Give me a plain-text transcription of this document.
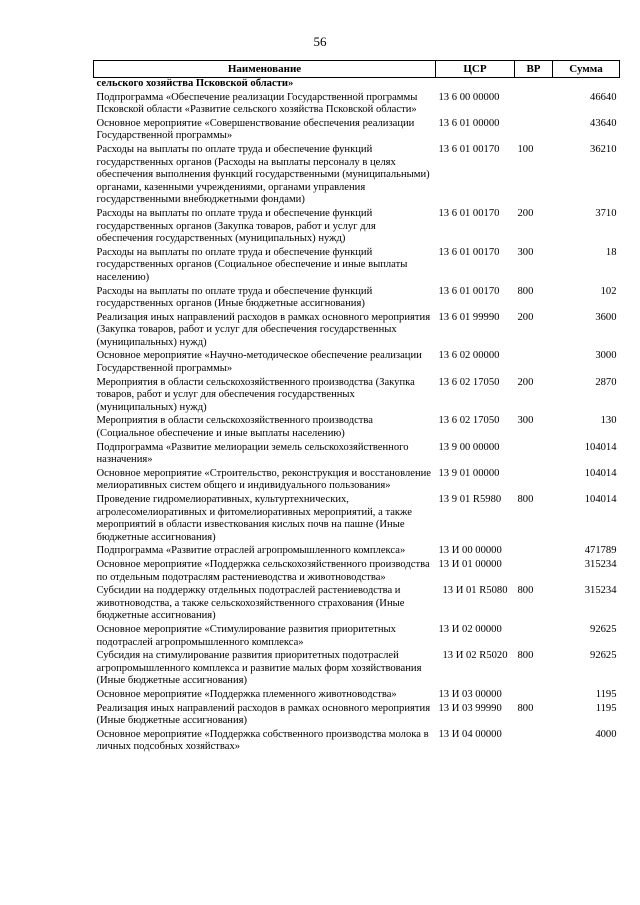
56
Наименование	ЦСР	ВР	Сумма
сельского хозяйства Псковской области»			
Подпрограмма «Обеспечение реализации Государственной программы Псковской области «Развитие сельского хозяйства Псковской области»	13 6 00 00000		46640
Основное мероприятие «Совершенствование обеспечения реализации Государственной программы»	13 6 01 00000		43640
Расходы на выплаты по оплате труда и обеспечение функций государственных органов (Расходы на выплаты персоналу в целях обеспечения выполнения функций государственными (муниципальными) органами, казенными учреждениями, органами управления государственными внебюджетными фондами)	13 6 01 00170	100	36210
Расходы на выплаты по оплате труда и обеспечение функций государственных органов (Закупка товаров, работ и услуг для обеспечения государственных (муниципальных) нужд)	13 6 01 00170	200	3710
Расходы на выплаты по оплате труда и обеспечение функций государственных органов (Социальное обеспечение и иные выплаты населению)	13 6 01 00170	300	18
Расходы на выплаты по оплате труда и обеспечение функций государственных органов (Иные бюджетные ассигнования)	13 6 01 00170	800	102
Реализация иных направлений расходов в рамках основного мероприятия (Закупка товаров, работ и услуг для обеспечения государственных (муниципальных) нужд)	13 6 01 99990	200	3600
Основное мероприятие «Научно-методическое обеспечение реализации Государственной программы»	13 6 02 00000		3000
Мероприятия в области сельскохозяйственного производства (Закупка товаров, работ и услуг для обеспечения государственных (муниципальных) нужд)	13 6 02 17050	200	2870
Мероприятия в области сельскохозяйственного производства (Социальное обеспечение и иные выплаты населению)	13 6 02 17050	300	130
Подпрограмма «Развитие мелиорации земель сельскохозяйственного назначения»	13 9 00 00000		104014
Основное мероприятие «Строительство, реконструкция и восстановление мелиоративных систем общего и индивидуального пользования»	13 9 01 00000		104014
Проведение гидромелиоративных, культуртехнических, агролесомелиоративных и фитомелиоративных мероприятий, а также мероприятий в области известкования кислых почв на пашне (Иные бюджетные ассигнования)	13 9 01 R5980	800	104014
Подпрограмма «Развитие отраслей агропромышленного комплекса»	13 И 00 00000		471789
Основное мероприятие «Поддержка сельскохозяйственного производства по отдельным подотраслям растениеводства и животноводства»	13 И 01 00000		315234
Субсидии на поддержку отдельных подотраслей растениеводства и животноводства, а также сельскохозяйственного страхования (Иные бюджетные ассигнования)	13 И 01 R5080	800	315234
Основное мероприятие «Стимулирование развития приоритетных подотраслей агропромышленного комплекса»	13 И 02 00000		92625
Субсидия на стимулирование развития приоритетных подотраслей агропромышленного комплекса и развитие малых форм хозяйствования (Иные бюджетные ассигнования)	13 И 02 R5020	800	92625
Основное мероприятие «Поддержка племенного животноводства»	13 И 03 00000		1195
Реализация иных направлений расходов в рамках основного мероприятия (Иные бюджетные ассигнования)	13 И 03 99990	800	1195
Основное мероприятие «Поддержка собственного производства молока в личных подсобных хозяйствах»	13 И 04 00000		4000
